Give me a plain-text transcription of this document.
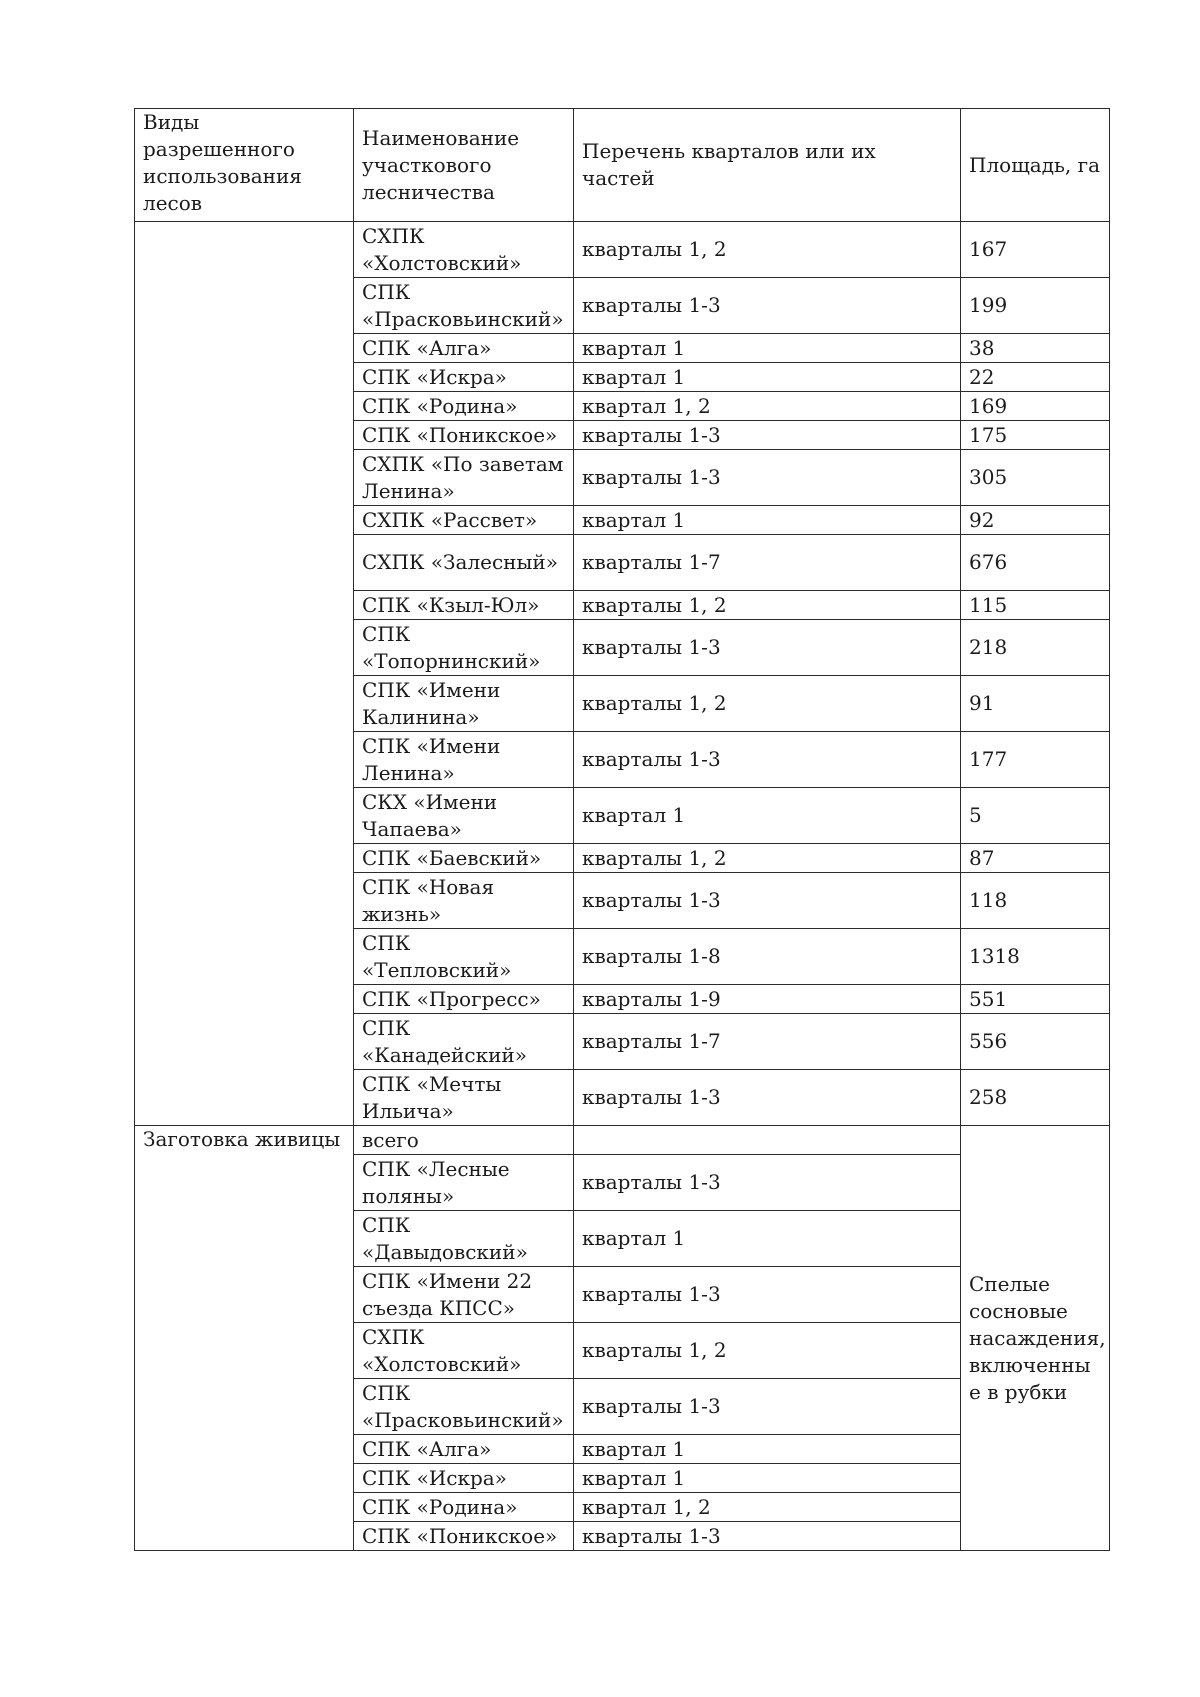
Виды разрешенного использования лесов	Наименование участкового лесничества	Перечень кварталов или их частей	Площадь, га
	СХПК «Холстовский»	кварталы 1, 2	167
	СПК «Прасковьинский»	кварталы 1-3	199
	СПК «Алга»	квартал 1	38
	СПК «Искра»	квартал 1	22
	СПК «Родина»	квартал 1, 2	169
	СПК «Поникское»	кварталы 1-3	175
	СХПК «По заветам Ленина»	кварталы 1-3	305
	СХПК «Рассвет»	квартал 1	92
	СХПК «Залесный»	кварталы 1-7	676
	СПК «Кзыл-Юл»	кварталы 1, 2	115
	СПК «Топорнинский»	кварталы 1-3	218
	СПК «Имени Калинина»	кварталы 1, 2	91
	СПК «Имени Ленина»	кварталы 1-3	177
	СКХ «Имени Чапаева»	квартал 1	5
	СПК «Баевский»	кварталы 1, 2	87
	СПК «Новая жизнь»	кварталы 1-3	118
	СПК «Тепловский»	кварталы 1-8	1318
	СПК «Прогресс»	кварталы 1-9	551
	СПК «Канадейский»	кварталы 1-7	556
	СПК «Мечты Ильича»	кварталы 1-3	258
Заготовка живицы	всего		Спелые сосновые насаждения, включенны е в рубки
	СПК «Лесные поляны»	кварталы 1-3	
	СПК «Давыдовский»	квартал 1	
	СПК «Имени 22 съезда КПСС»	кварталы 1-3	
	СХПК «Холстовский»	кварталы 1, 2	
	СПК «Прасковьинский»	кварталы 1-3	
	СПК «Алга»	квартал 1	
	СПК «Искра»	квартал 1	
	СПК «Родина»	квартал 1, 2	
	СПК «Поникское»	кварталы 1-3	
